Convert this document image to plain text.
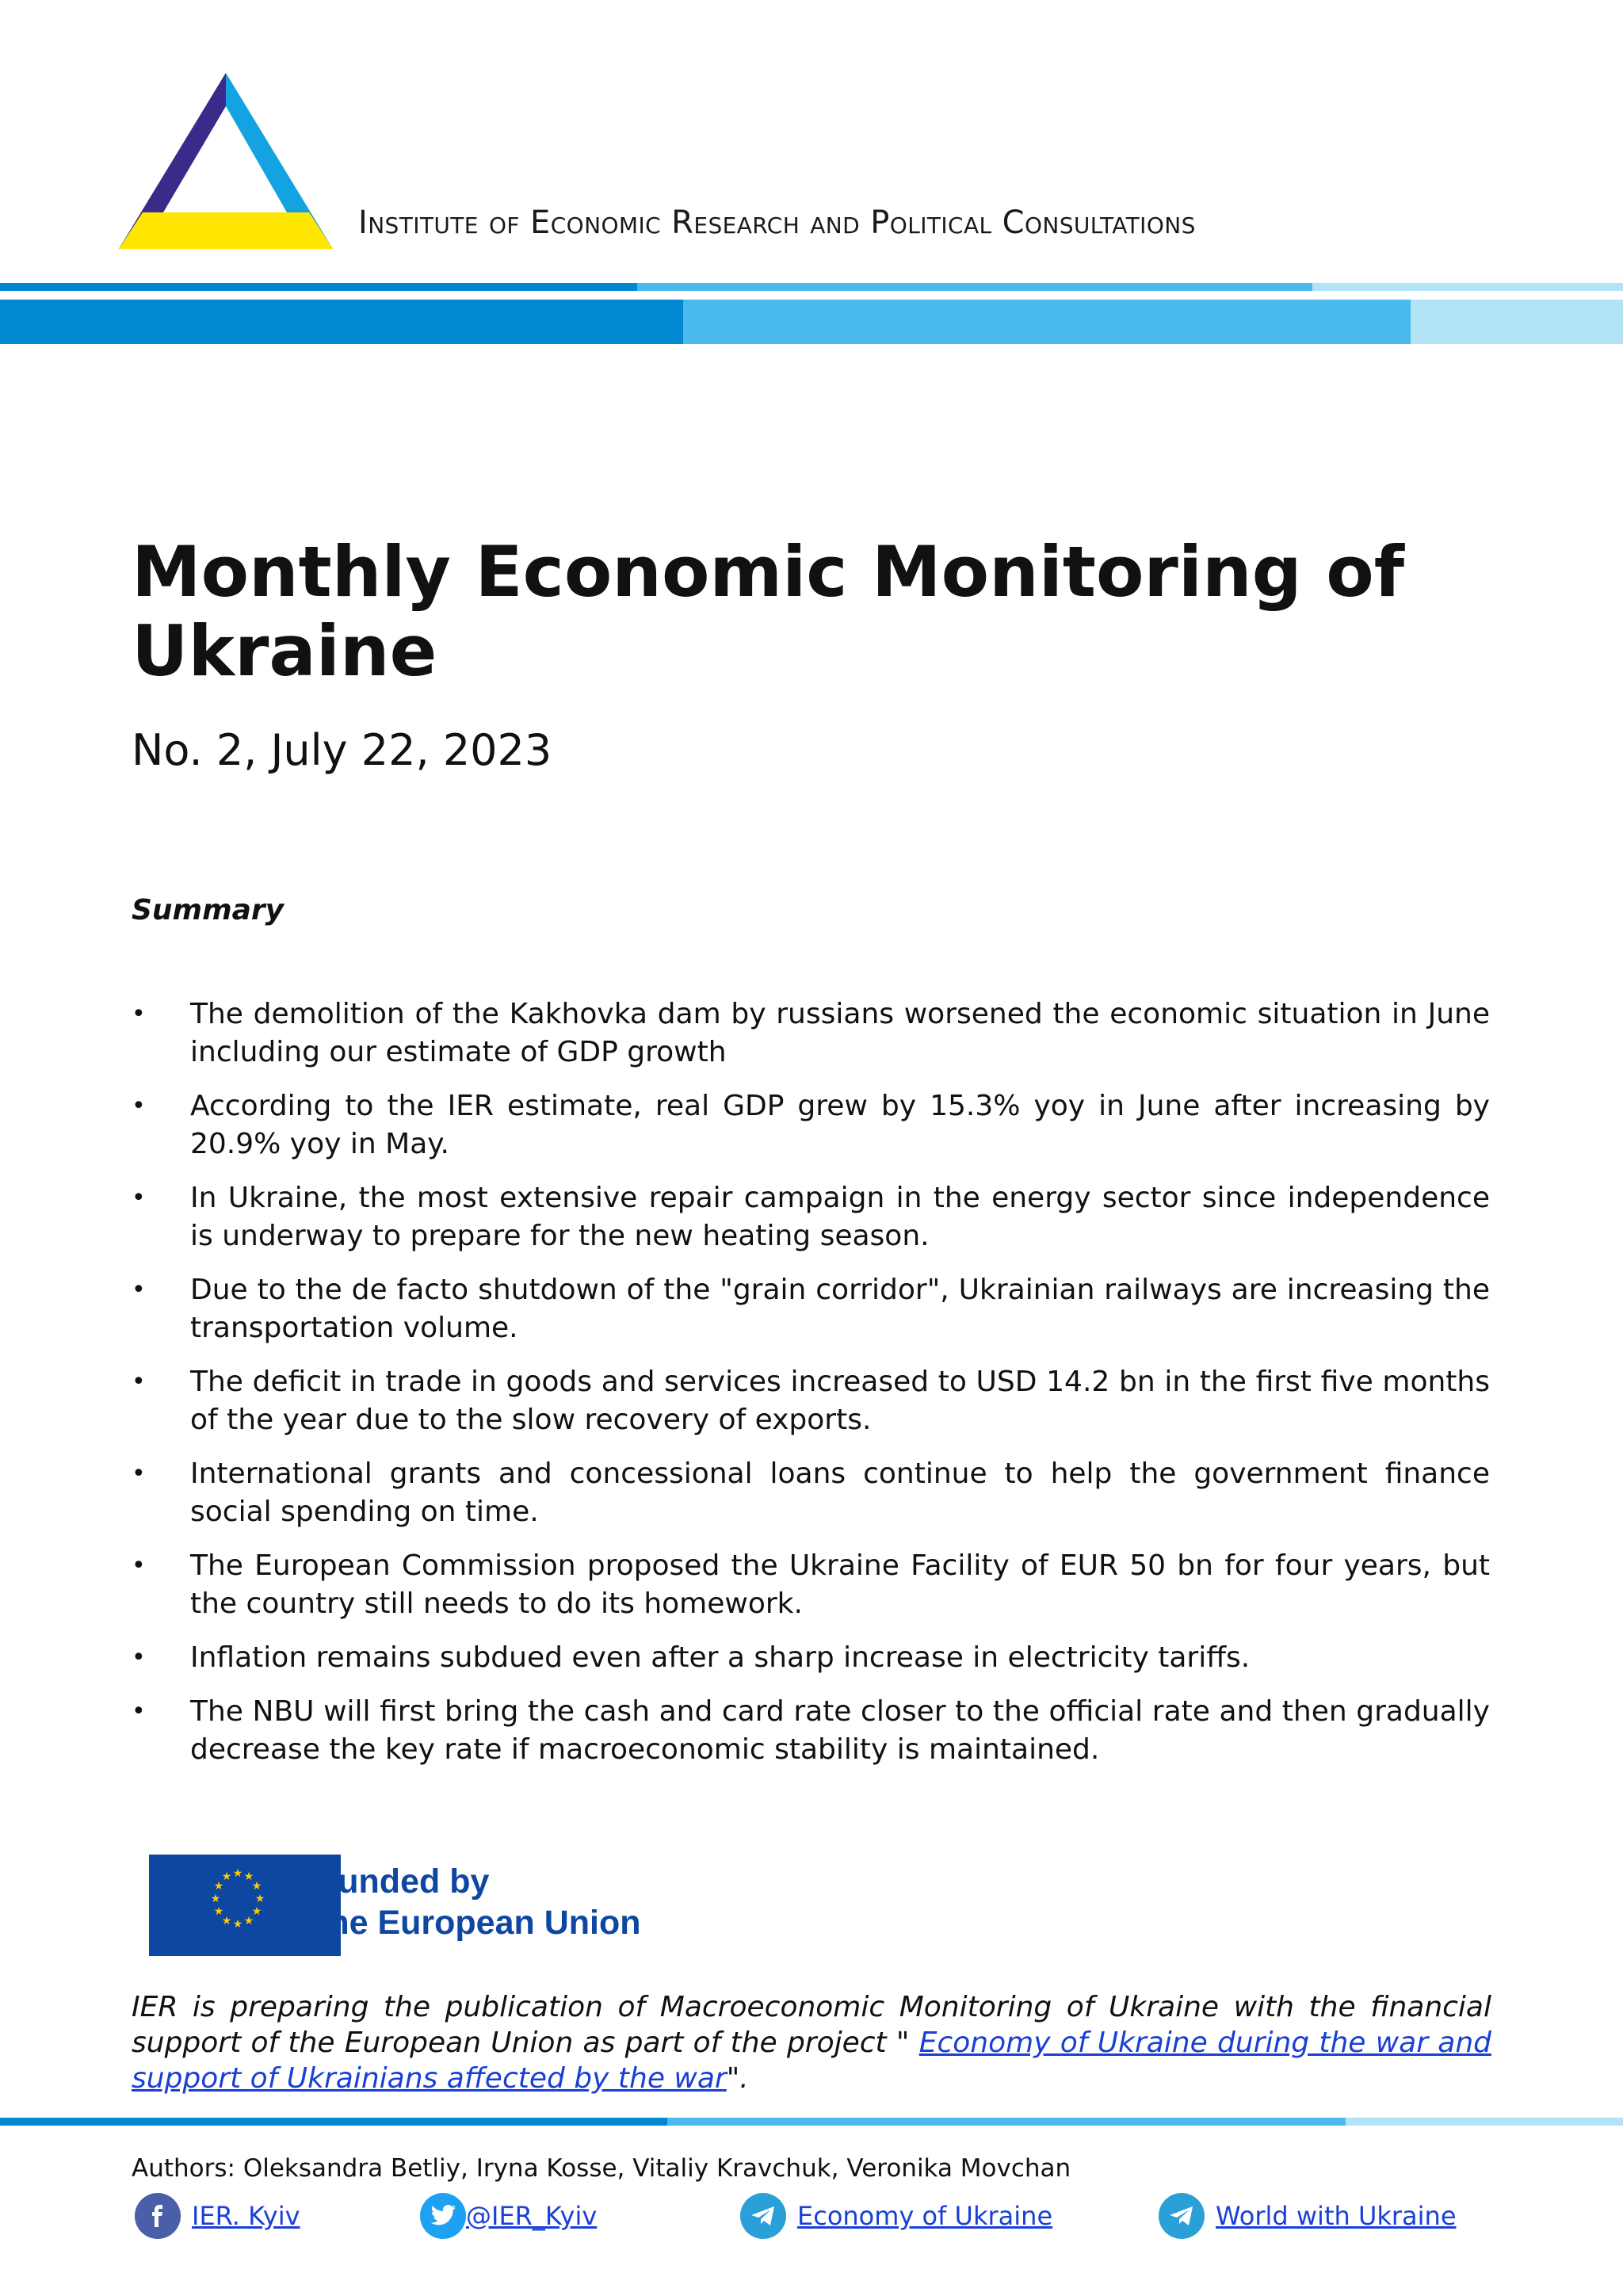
Institute of Economic Research and Political Consultations
Monthly Economic Monitoring of Ukraine
No. 2, July 22, 2023
Summary
• The demolition of the Kakhovka dam by russians worsened the economic situation in June including our estimate of GDP growth
• According to the IER estimate, real GDP grew by 15.3% yoy in June after increasing by 20.9% yoy in May.
• In Ukraine, the most extensive repair campaign in the energy sector since independence is underway to prepare for the new heating season.
• Due to the de facto shutdown of the "grain corridor", Ukrainian railways are increasing the transportation volume.
• The deficit in trade in goods and services increased to USD 14.2 bn in the first five months of the year due to the slow recovery of exports.
• International grants and concessional loans continue to help the government finance social spending on time.
• The European Commission proposed the Ukraine Facility of EUR 50 bn for four years, but the country still needs to do its homework.
• Inflation remains subdued even after a sharp increase in electricity tariffs.
• The NBU will first bring the cash and card rate closer to the official rate and then gradually decrease the key rate if macroeconomic stability is maintained.
★ ★ ★
★
★
★
★
★
★
★
★
★	Funded by
the European Union
IER is preparing the publication of Macroeconomic Monitoring of Ukraine with the financial support of the European Union as part of the project " Economy of Ukraine during the war and support of Ukrainians affected by the war".
Authors: Oleksandra Betliy, Iryna Kosse, Vitaliy Kravchuk, Veronika Movchan
IER. Kyiv	@IER_Kyiv	Economy of Ukraine	World with Ukraine
